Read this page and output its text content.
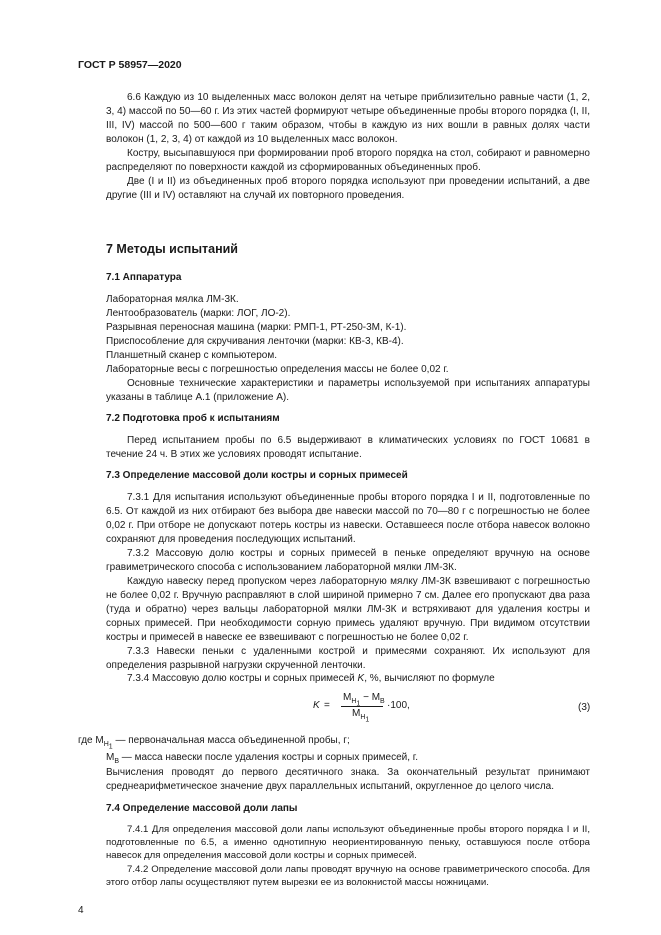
ГОСТ Р 58957—2020

6.6 Каждую из 10 выделенных масс волокон делят на четыре приблизительно равные части (1, 2, 3, 4) массой по 50—60 г. Из этих частей формируют четыре объединенные пробы второго порядка (I, II, III, IV) массой по 500—600 г таким образом, чтобы в каждую из них вошли в равных долях части волокон (1, 2, 3, 4) от каждой из 10 выделенных масс волокон.

Костру, высыпавшуюся при формировании проб второго порядка на стол, собирают и равномерно распределяют по поверхности каждой из сформированных объединенных проб.

Две (I и II) из объединенных проб второго порядка используют при проведении испытаний, а две другие (III и IV) оставляют на случай их повторного проведения.

7 Методы испытаний
7.1 Аппаратура

Лабораторная мялка ЛМ-3К.

Лентообразователь (марки: ЛОГ, ЛО-2).

Разрывная переносная машина (марки: РМП-1, РТ-250-3М, К-1).

Приспособление для скручивания ленточки (марки: КВ-3, КВ-4).

Планшетный сканер с компьютером.

Лабораторные весы с погрешностью определения массы не более 0,02 г.

Основные технические характеристики и параметры используемой при испытаниях аппаратуры указаны в таблице А.1 (приложение А).

7.2 Подготовка проб к испытаниям

Перед испытанием пробы по 6.5 выдерживают в климатических условиях по ГОСТ 10681 в течение 24 ч. В этих же условиях проводят испытание.

7.3 Определение массовой доли костры и сорных примесей

7.3.1 Для испытания используют объединенные пробы второго порядка I и II, подготовленные по 6.5. От каждой из них отбирают без выбора две навески массой по 70—80 г с погрешностью не более 0,02 г. При отборе не допускают потерь костры из навески. Оставшееся после отбора навесок волокно сохраняют для проведения последующих испытаний.

7.3.2 Массовую долю костры и сорных примесей в пеньке определяют вручную на основе гравиметрического способа с использованием лабораторной мялки ЛМ-3К.

Каждую навеску перед пропуском через лабораторную мялку ЛМ-3К взвешивают с погрешностью не более 0,02 г. Вручную расправляют в слой шириной примерно 7 см. Далее его пропускают два раза (туда и обратно) через вальцы лабораторной мялки ЛМ-3К и встряхивают для удаления костры и сорных примесей. При необходимости сорную примесь удаляют вручную. При видимом отсутствии костры и примесей в навеске ее взвешивают с погрешностью не более 0,02 г.

7.3.3 Навески пеньки с удаленными кострой и примесями сохраняют. Их используют для определения разрывной нагрузки скрученной ленточки.

7.3.4 Массовую долю костры и сорных примесей K, %, вычисляют по формуле

K =
$M_{Н_1} - M_В$
$M_{Н_1}$
·100,	(3)

где $M_{Н_1}$ — первоначальная масса объединенной пробы, г;

$M_В$ — масса навески после удаления костры и сорных примесей, г.

Вычисления проводят до первого десятичного знака. За окончательный результат принимают среднеарифметическое значение двух параллельных испытаний, округленное до целого числа.

7.4 Определение массовой доли лапы

7.4.1 Для определения массовой доли лапы используют объединенные пробы второго порядка I и II, подготовленные по 6.5, а именно однотипную неориентированную пеньку, оставшуюся после отбора навесок для определения массовой доли костры и сорных примесей.

7.4.2 Определение массовой доли лапы проводят вручную на основе гравиметрического способа. Для этого отбор лапы осуществляют путем вырезки ее из волокнистой массы ножницами.

4
